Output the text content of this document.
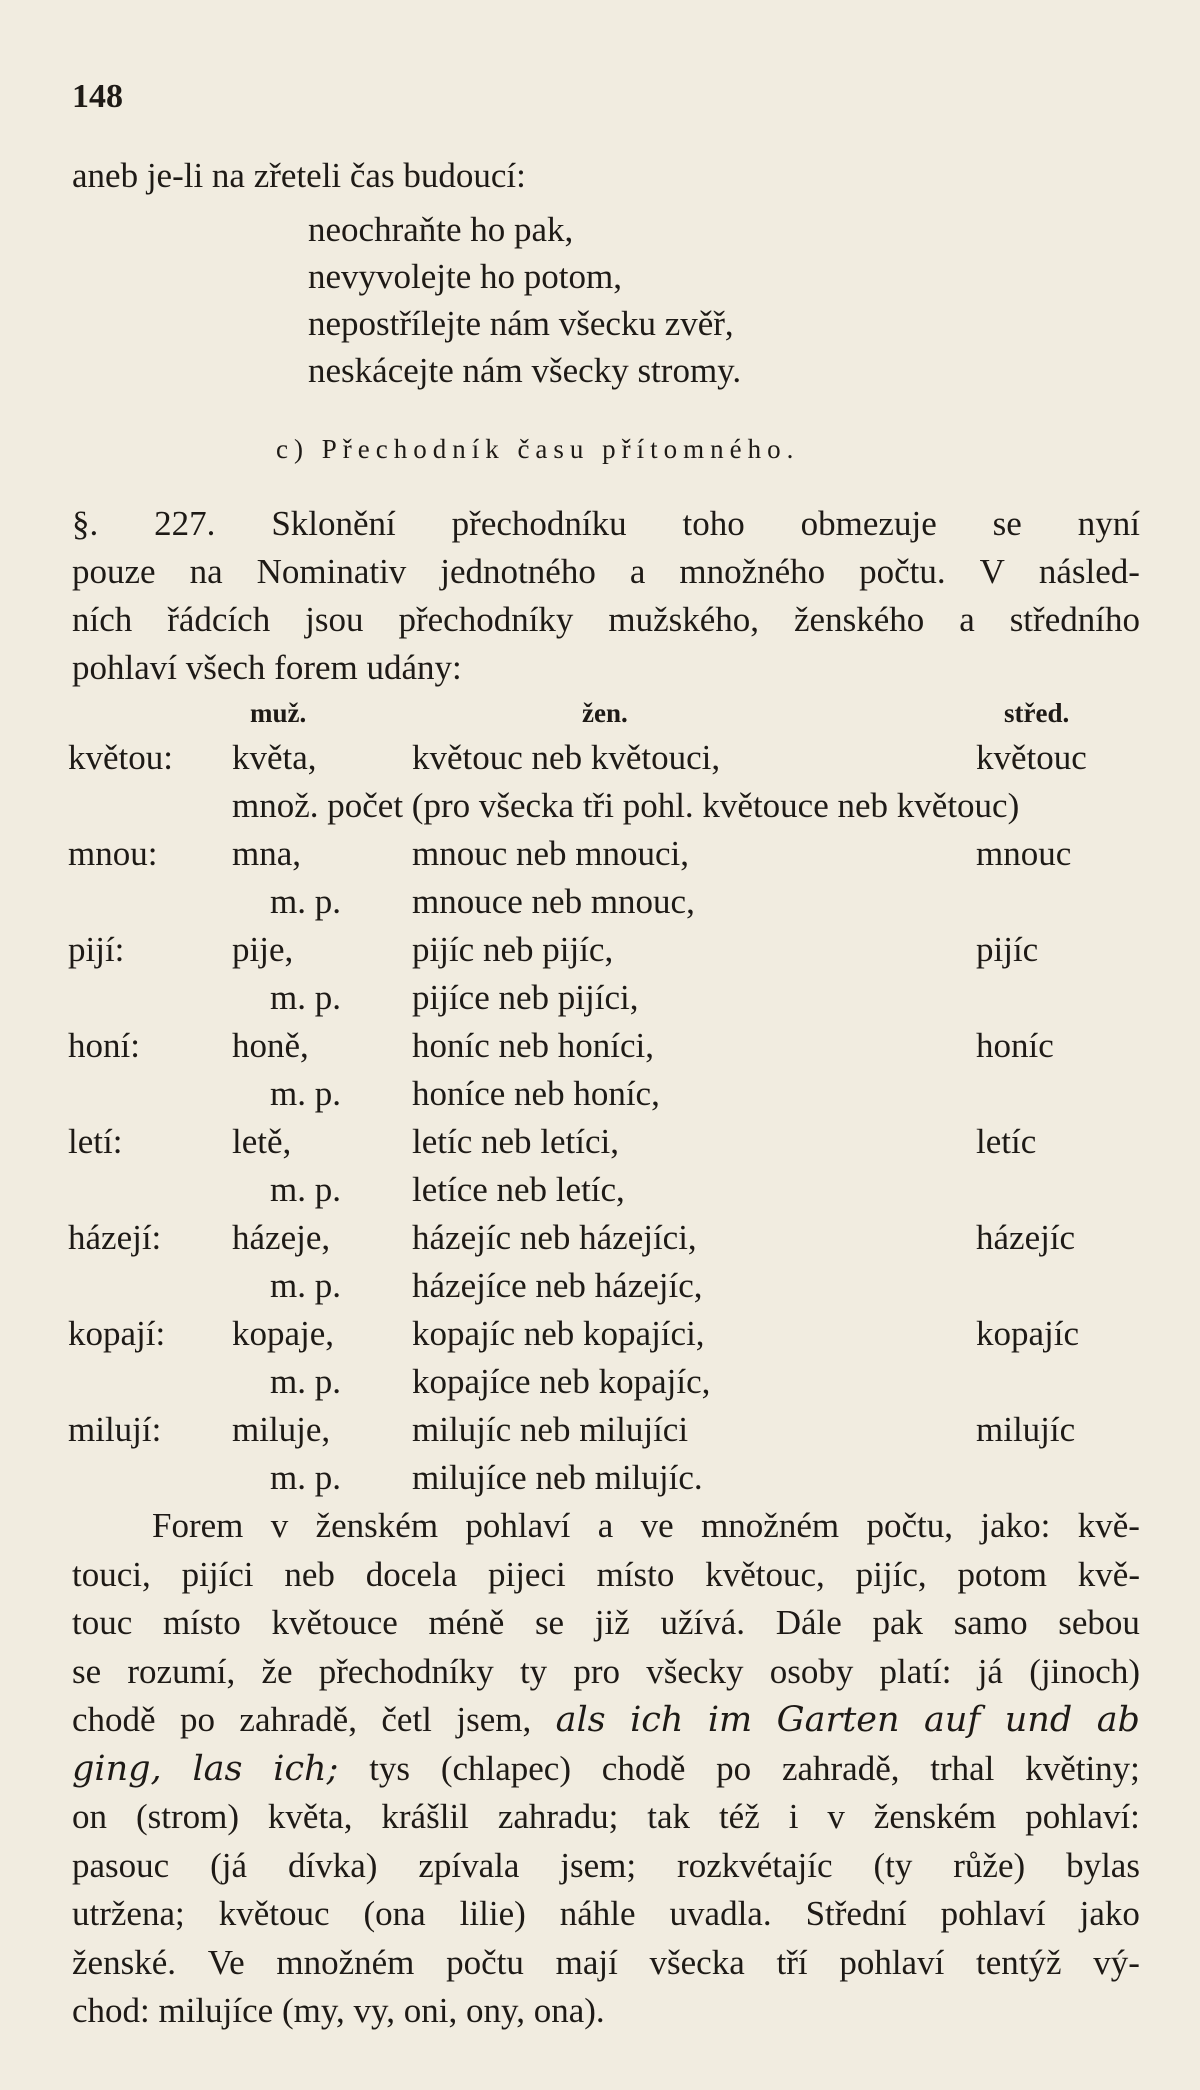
148
aneb je-li na zřeteli čas budoucí:
neochraňte ho pak,
nevyvolejte ho potom,
nepostřílejte nám všecku zvěř,
neskácejte nám všecky stromy.
c) Přechodník času přítomného.
§. 227. Sklonění přechodníku toho obmezuje se nyní
pouze na Nominativ jednotného a množného počtu. V násled-
ních řádcích jsou přechodníky mužského, ženského a středního
pohlaví všech forem udány:
muž.	žen.	střed.
květou: květa,	květouc neb květouci,	květouc
množ. počet (pro všecka tři pohl. květouce neb květouc)
mnou: mna,	mnouc neb mnouci,	mnouc
m. p. mnouce neb mnouc,
pijí:	pije,	pijíc neb pijíc,	pijíc
m. p. pijíce neb pijíci,
honí:	honě,	honíc neb honíci,	honíc
m. p. honíce neb honíc,
letí:	letě,	letíc neb letíci,	letíc
m. p. letíce neb letíc,
házejí: házeje, házejíc neb házejíci,	házejíc
m. p. házejíce neb házejíc,
kopají: kopaje, kopajíc neb kopajíci,	kopajíc
m. p. kopajíce neb kopajíc,
milují: miluje, milujíc neb milujíci	milujíc
m. p. milujíce neb milujíc.
Forem v ženském pohlaví a ve množném počtu, jako: kvě-
touci, pijíci neb docela pijeci místo květouc, pijíc, potom kvě-
touc místo květouce méně se již užívá. Dále pak samo sebou
se rozumí, že přechodníky ty pro všecky osoby platí: já (jinoch)
chodě po zahradě, četl jsem, als ich im Garten auf und ab
ging, las ich; tys (chlapec) chodě po zahradě, trhal květiny;
on (strom) květa, krášlil zahradu; tak též i v ženském pohlaví:
pasouc (já dívka) zpívala jsem; rozkvétajíc (ty růže) bylas
utržena; květouc (ona lilie) náhle uvadla. Střední pohlaví jako
ženské. Ve množném počtu mají všecka tří pohlaví tentýž vý-
chod: milujíce (my, vy, oni, ony, ona).
